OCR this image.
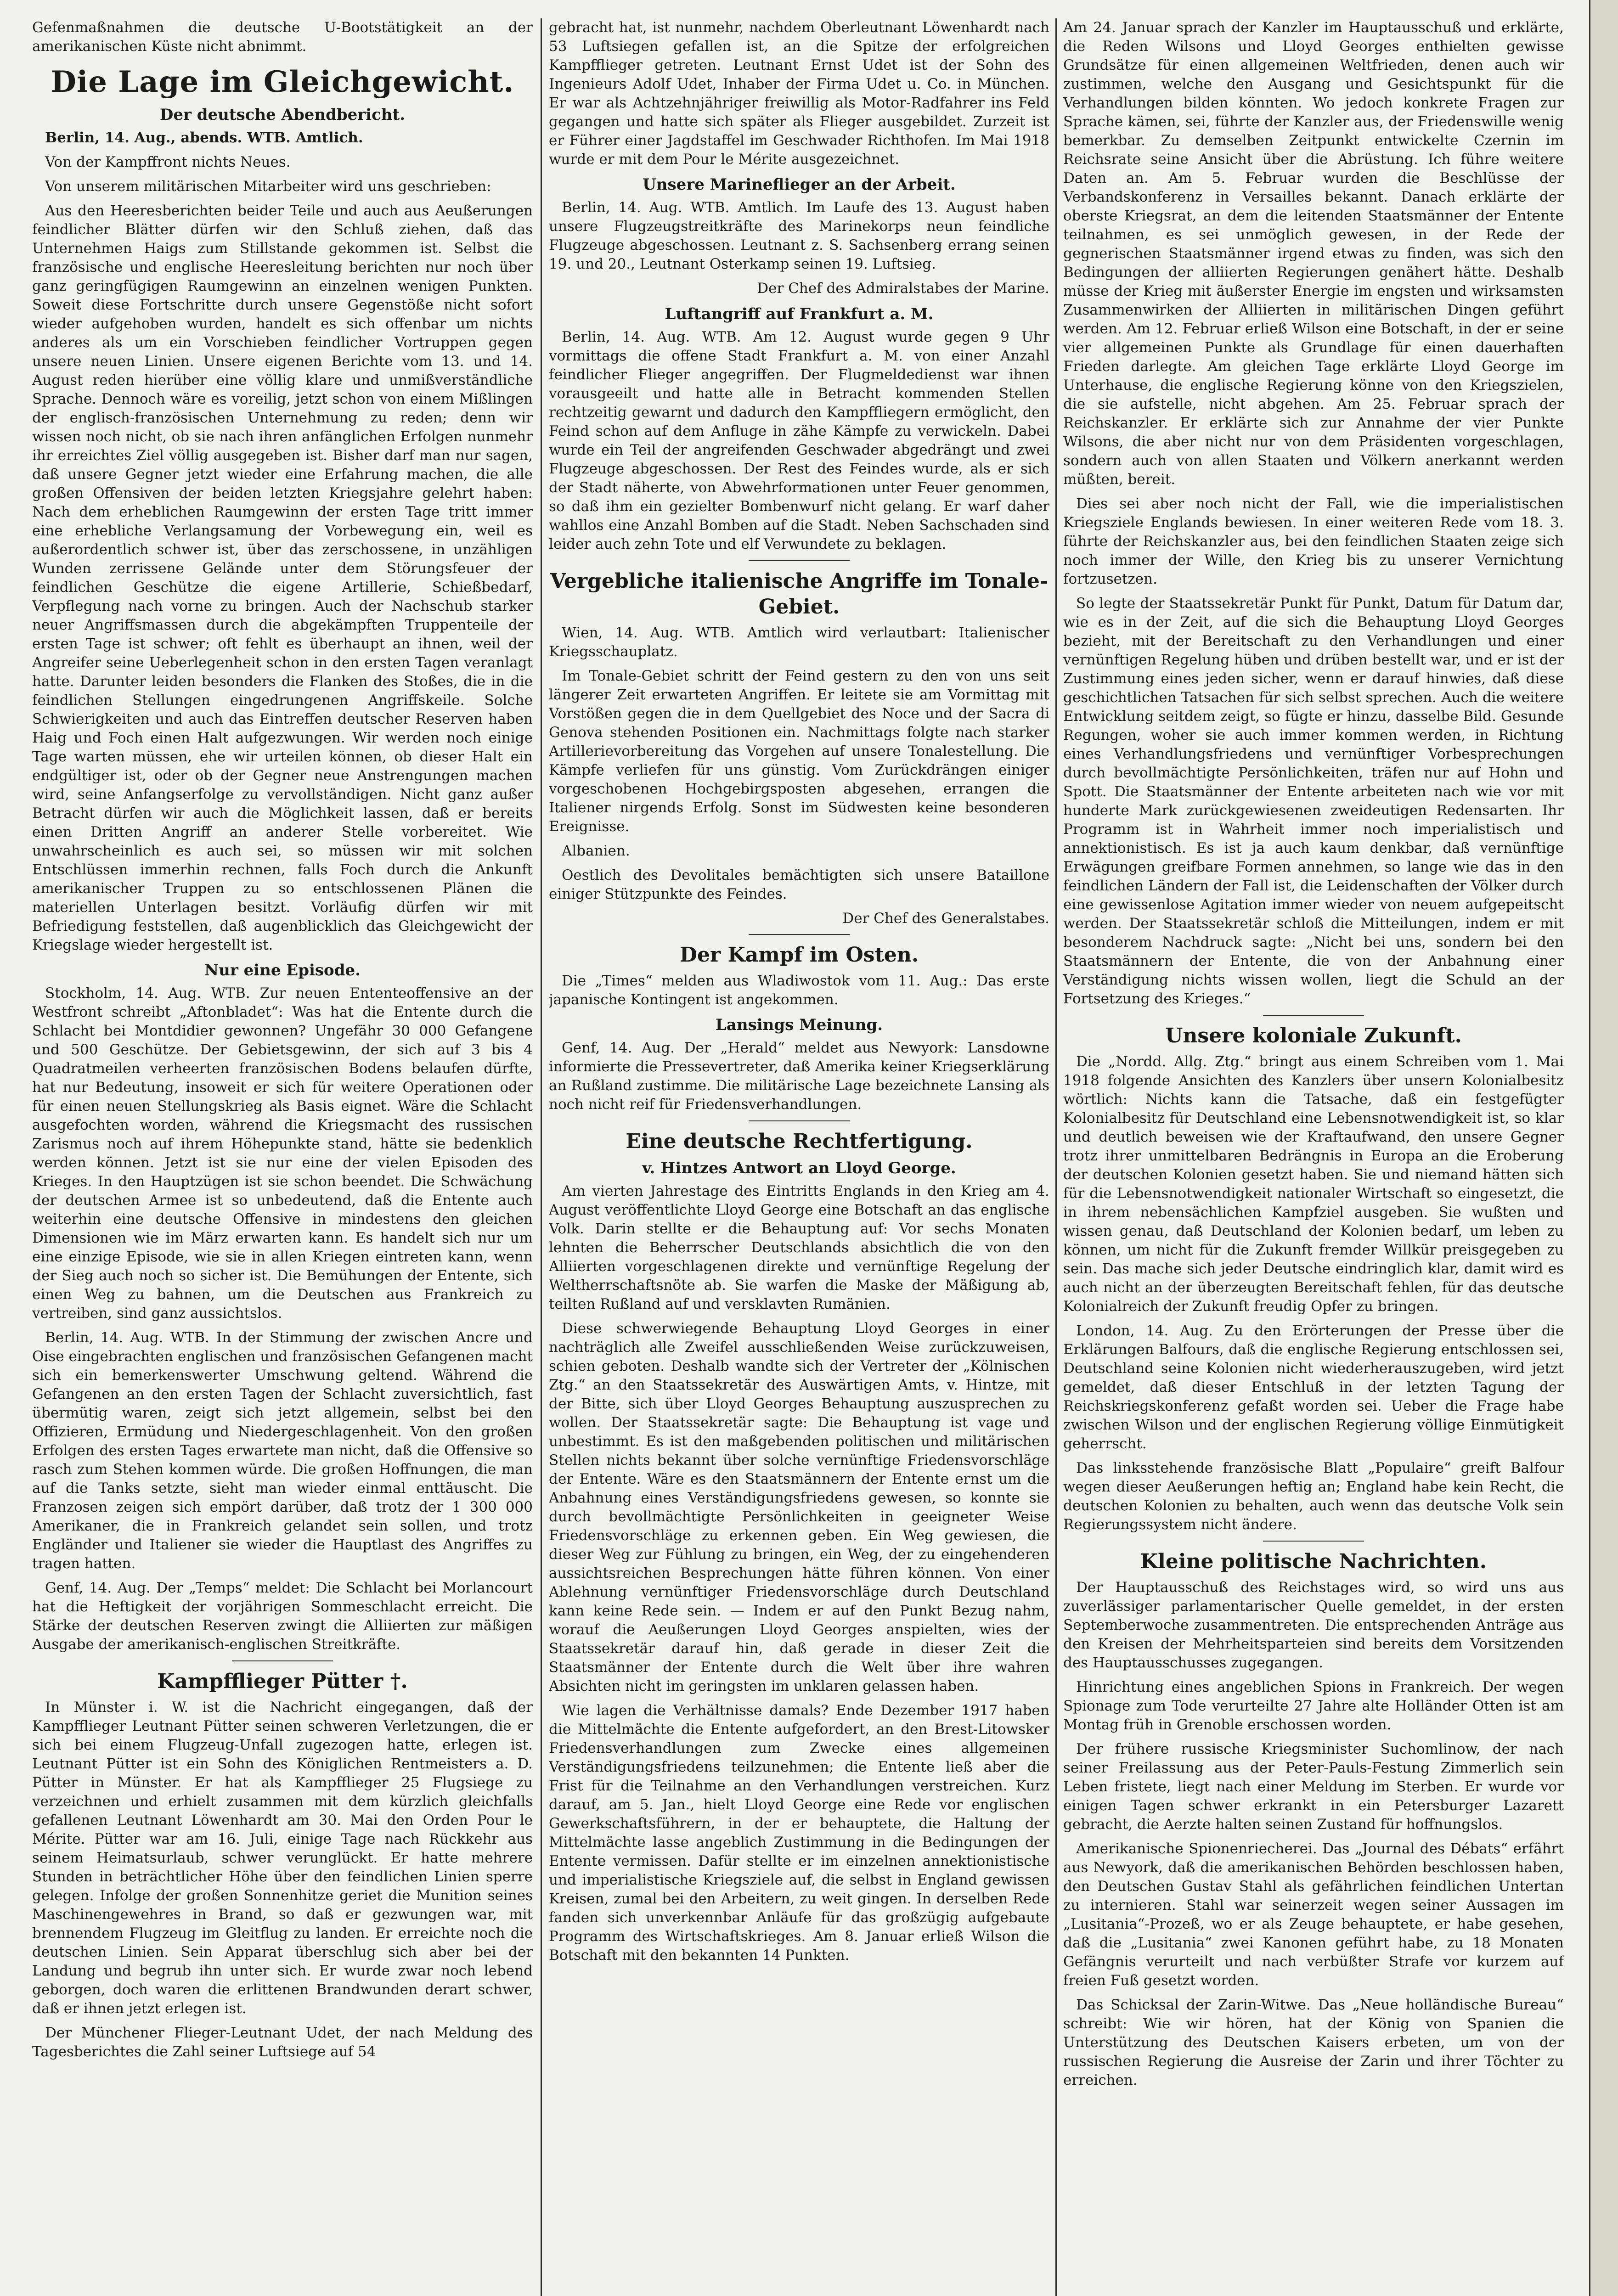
Gefenmaßnahmen die deutsche U-Bootstätigkeit an der amerikanischen Küste nicht abnimmt.

Die Lage im Gleichgewicht.
Der deutsche Abendbericht.

Berlin, 14. Aug., abends. WTB. Amtlich.

Von der Kampffront nichts Neues.

Von unserem militärischen Mitarbeiter wird uns geschrieben:

Aus den Heeresberichten beider Teile und auch aus Aeußerungen feindlicher Blätter dürfen wir den Schluß ziehen, daß das Unternehmen Haigs zum Stillstande gekommen ist. Selbst die französische und englische Heeresleitung berichten nur noch über ganz geringfügigen Raumgewinn an einzelnen wenigen Punkten. Soweit diese Fortschritte durch unsere Gegenstöße nicht sofort wieder aufgehoben wurden, handelt es sich offenbar um nichts anderes als um ein Vorschieben feindlicher Vortruppen gegen unsere neuen Linien. Unsere eigenen Berichte vom 13. und 14. August reden hierüber eine völlig klare und unmißverständliche Sprache. Dennoch wäre es voreilig, jetzt schon von einem Mißlingen der englisch-französischen Unternehmung zu reden; denn wir wissen noch nicht, ob sie nach ihren anfänglichen Erfolgen nunmehr ihr erreichtes Ziel völlig ausgegeben ist. Bisher darf man nur sagen, daß unsere Gegner jetzt wieder eine Erfahrung machen, die alle großen Offensiven der beiden letzten Kriegsjahre gelehrt haben: Nach dem erheblichen Raumgewinn der ersten Tage tritt immer eine erhebliche Verlangsamung der Vorbewegung ein, weil es außerordentlich schwer ist, über das zerschossene, in unzähligen Wunden zerrissene Gelände unter dem Störungsfeuer der feindlichen Geschütze die eigene Artillerie, Schießbedarf, Verpflegung nach vorne zu bringen. Auch der Nachschub starker neuer Angriffsmassen durch die abgekämpften Truppenteile der ersten Tage ist schwer; oft fehlt es überhaupt an ihnen, weil der Angreifer seine Ueberlegenheit schon in den ersten Tagen veranlagt hatte. Darunter leiden besonders die Flanken des Stoßes, die in die feindlichen Stellungen eingedrungenen Angriffskeile. Solche Schwierigkeiten und auch das Eintreffen deutscher Reserven haben Haig und Foch einen Halt aufgezwungen. Wir werden noch einige Tage warten müssen, ehe wir urteilen können, ob dieser Halt ein endgültiger ist, oder ob der Gegner neue Anstrengungen machen wird, seine Anfangserfolge zu vervollständigen. Nicht ganz außer Betracht dürfen wir auch die Möglichkeit lassen, daß er bereits einen Dritten Angriff an anderer Stelle vorbereitet. Wie unwahrscheinlich es auch sei, so müssen wir mit solchen Entschlüssen immerhin rechnen, falls Foch durch die Ankunft amerikanischer Truppen zu so entschlossenen Plänen die materiellen Unterlagen besitzt. Vorläufig dürfen wir mit Befriedigung feststellen, daß augenblicklich das Gleichgewicht der Kriegslage wieder hergestellt ist.

Nur eine Episode.

Stockholm, 14. Aug. WTB. Zur neuen Ententeoffensive an der Westfront schreibt „Aftonbladet“: Was hat die Entente durch die Schlacht bei Montdidier gewonnen? Ungefähr 30 000 Gefangene und 500 Geschütze. Der Gebietsgewinn, der sich auf 3 bis 4 Quadratmeilen verheerten französischen Bodens belaufen dürfte, hat nur Bedeutung, insoweit er sich für weitere Operationen oder für einen neuen Stellungskrieg als Basis eignet. Wäre die Schlacht ausgefochten worden, während die Kriegsmacht des russischen Zarismus noch auf ihrem Höhepunkte stand, hätte sie bedenklich werden können. Jetzt ist sie nur eine der vielen Episoden des Krieges. In den Hauptzügen ist sie schon beendet. Die Schwächung der deutschen Armee ist so unbedeutend, daß die Entente auch weiterhin eine deutsche Offensive in mindestens den gleichen Dimensionen wie im März erwarten kann. Es handelt sich nur um eine einzige Episode, wie sie in allen Kriegen eintreten kann, wenn der Sieg auch noch so sicher ist. Die Bemühungen der Entente, sich einen Weg zu bahnen, um die Deutschen aus Frankreich zu vertreiben, sind ganz aussichtslos.

Berlin, 14. Aug. WTB. In der Stimmung der zwischen Ancre und Oise eingebrachten englischen und französischen Gefangenen macht sich ein bemerkenswerter Umschwung geltend. Während die Gefangenen an den ersten Tagen der Schlacht zuversichtlich, fast übermütig waren, zeigt sich jetzt allgemein, selbst bei den Offizieren, Ermüdung und Niedergeschlagenheit. Von den großen Erfolgen des ersten Tages erwartete man nicht, daß die Offensive so rasch zum Stehen kommen würde. Die großen Hoffnungen, die man auf die Tanks setzte, sieht man wieder einmal enttäuscht. Die Franzosen zeigen sich empört darüber, daß trotz der 1 300 000 Amerikaner, die in Frankreich gelandet sein sollen, und trotz Engländer und Italiener sie wieder die Hauptlast des Angriffes zu tragen hatten.

Genf, 14. Aug. Der „Temps“ meldet: Die Schlacht bei Morlancourt hat die Heftigkeit der vorjährigen Sommeschlacht erreicht. Die Stärke der deutschen Reserven zwingt die Alliierten zur mäßigen Ausgabe der amerikanisch-englischen Streitkräfte.

Kampfflieger Pütter †.

In Münster i. W. ist die Nachricht eingegangen, daß der Kampfflieger Leutnant Pütter seinen schweren Verletzungen, die er sich bei einem Flugzeug-Unfall zugezogen hatte, erlegen ist. Leutnant Pütter ist ein Sohn des Königlichen Rentmeisters a. D. Pütter in Münster. Er hat als Kampfflieger 25 Flugsiege zu verzeichnen und erhielt zusammen mit dem kürzlich gleichfalls gefallenen Leutnant Löwenhardt am 30. Mai den Orden Pour le Mérite. Pütter war am 16. Juli, einige Tage nach Rückkehr aus seinem Heimatsurlaub, schwer verunglückt. Er hatte mehrere Stunden in beträchtlicher Höhe über den feindlichen Linien sperre gelegen. Infolge der großen Sonnenhitze geriet die Munition seines Maschinengewehres in Brand, so daß er gezwungen war, mit brennendem Flugzeug im Gleitflug zu landen. Er erreichte noch die deutschen Linien. Sein Apparat überschlug sich aber bei der Landung und begrub ihn unter sich. Er wurde zwar noch lebend geborgen, doch waren die erlittenen Brandwunden derart schwer, daß er ihnen jetzt erlegen ist.

Der Münchener Flieger-Leutnant Udet, der nach Meldung des Tagesberichtes die Zahl seiner Luftsiege auf 54

gebracht hat, ist nunmehr, nachdem Oberleutnant Löwenhardt nach 53 Luftsiegen gefallen ist, an die Spitze der erfolgreichen Kampfflieger getreten. Leutnant Ernst Udet ist der Sohn des Ingenieurs Adolf Udet, Inhaber der Firma Udet u. Co. in München. Er war als Achtzehnjähriger freiwillig als Motor-Radfahrer ins Feld gegangen und hatte sich später als Flieger ausgebildet. Zurzeit ist er Führer einer Jagdstaffel im Geschwader Richthofen. Im Mai 1918 wurde er mit dem Pour le Mérite ausgezeichnet.

Unsere Marineflieger an der Arbeit.

Berlin, 14. Aug. WTB. Amtlich. Im Laufe des 13. August haben unsere Flugzeugstreitkräfte des Marinekorps neun feindliche Flugzeuge abgeschossen. Leutnant z. S. Sachsenberg errang seinen 19. und 20., Leutnant Osterkamp seinen 19. Luftsieg.

Der Chef des Admiralstabes der Marine.
Luftangriff auf Frankfurt a. M.

Berlin, 14. Aug. WTB. Am 12. August wurde gegen 9 Uhr vormittags die offene Stadt Frankfurt a. M. von einer Anzahl feindlicher Flieger angegriffen. Der Flugmeldedienst war ihnen vorausgeeilt und hatte alle in Betracht kommenden Stellen rechtzeitig gewarnt und dadurch den Kampffliegern ermöglicht, den Feind schon auf dem Anfluge in zähe Kämpfe zu verwickeln. Dabei wurde ein Teil der angreifenden Geschwader abgedrängt und zwei Flugzeuge abgeschossen. Der Rest des Feindes wurde, als er sich der Stadt näherte, von Abwehrformationen unter Feuer genommen, so daß ihm ein gezielter Bombenwurf nicht gelang. Er warf daher wahllos eine Anzahl Bomben auf die Stadt. Neben Sachschaden sind leider auch zehn Tote und elf Verwundete zu beklagen.

Vergebliche italienische Angriffe im Tonale-Gebiet.

Wien, 14. Aug. WTB. Amtlich wird verlautbart: Italienischer Kriegsschauplatz.

Im Tonale-Gebiet schritt der Feind gestern zu den von uns seit längerer Zeit erwarteten Angriffen. Er leitete sie am Vormittag mit Vorstößen gegen die in dem Quellgebiet des Noce und der Sacra di Genova stehenden Positionen ein. Nachmittags folgte nach starker Artillerievorbereitung das Vorgehen auf unsere Tonalestellung. Die Kämpfe verliefen für uns günstig. Vom Zurückdrängen einiger vorgeschobenen Hochgebirgsposten abgesehen, errangen die Italiener nirgends Erfolg. Sonst im Südwesten keine besonderen Ereignisse.

Albanien.

Oestlich des Devolitales bemächtigten sich unsere Bataillone einiger Stützpunkte des Feindes.

Der Chef des Generalstabes.
Der Kampf im Osten.

Die „Times“ melden aus Wladiwostok vom 11. Aug.: Das erste japanische Kontingent ist angekommen.

Lansings Meinung.

Genf, 14. Aug. Der „Herald“ meldet aus Newyork: Lansdowne informierte die Pressevertreter, daß Amerika keiner Kriegserklärung an Rußland zustimme. Die militärische Lage bezeichnete Lansing als noch nicht reif für Friedensverhandlungen.

Eine deutsche Rechtfertigung.
v. Hintzes Antwort an Lloyd George.

Am vierten Jahrestage des Eintritts Englands in den Krieg am 4. August veröffentlichte Lloyd George eine Botschaft an das englische Volk. Darin stellte er die Behauptung auf: Vor sechs Monaten lehnten die Beherrscher Deutschlands absichtlich die von den Alliierten vorgeschlagenen direkte und vernünftige Regelung der Weltherrschaftsnöte ab. Sie warfen die Maske der Mäßigung ab, teilten Rußland auf und versklavten Rumänien.

Diese schwerwiegende Behauptung Lloyd Georges in einer nachträglich alle Zweifel ausschließenden Weise zurückzuweisen, schien geboten. Deshalb wandte sich der Vertreter der „Kölnischen Ztg.“ an den Staatssekretär des Auswärtigen Amts, v. Hintze, mit der Bitte, sich über Lloyd Georges Behauptung auszusprechen zu wollen. Der Staatssekretär sagte: Die Behauptung ist vage und unbestimmt. Es ist den maßgebenden politischen und militärischen Stellen nichts bekannt über solche vernünftige Friedensvorschläge der Entente. Wäre es den Staatsmännern der Entente ernst um die Anbahnung eines Verständigungsfriedens gewesen, so konnte sie durch bevollmächtigte Persönlichkeiten in geeigneter Weise Friedensvorschläge zu erkennen geben. Ein Weg gewiesen, die dieser Weg zur Fühlung zu bringen, ein Weg, der zu eingehenderen aussichtsreichen Besprechungen hätte führen können. Von einer Ablehnung vernünftiger Friedensvorschläge durch Deutschland kann keine Rede sein. — Indem er auf den Punkt Bezug nahm, worauf die Aeußerungen Lloyd Georges anspielten, wies der Staatssekretär darauf hin, daß gerade in dieser Zeit die Staatsmänner der Entente durch die Welt über ihre wahren Absichten nicht im geringsten im unklaren gelassen haben.

Wie lagen die Verhältnisse damals? Ende Dezember 1917 haben die Mittelmächte die Entente aufgefordert, an den Brest-Litowsker Friedensverhandlungen zum Zwecke eines allgemeinen Verständigungsfriedens teilzunehmen; die Entente ließ aber die Frist für die Teilnahme an den Verhandlungen verstreichen. Kurz darauf, am 5. Jan., hielt Lloyd George eine Rede vor englischen Gewerkschaftsführern, in der er behauptete, die Haltung der Mittelmächte lasse angeblich Zustimmung in die Bedingungen der Entente vermissen. Dafür stellte er im einzelnen annektionistische und imperialistische Kriegsziele auf, die selbst in England gewissen Kreisen, zumal bei den Arbeitern, zu weit gingen. In derselben Rede fanden sich unverkennbar Anläufe für das großzügig aufgebaute Programm des Wirtschaftskrieges. Am 8. Januar erließ Wilson die Botschaft mit den bekannten 14 Punkten.

Am 24. Januar sprach der Kanzler im Hauptausschuß und erklärte, die Reden Wilsons und Lloyd Georges enthielten gewisse Grundsätze für einen allgemeinen Weltfrieden, denen auch wir zustimmen, welche den Ausgang und Gesichtspunkt für die Verhandlungen bilden könnten. Wo jedoch konkrete Fragen zur Sprache kämen, sei, führte der Kanzler aus, der Friedenswille wenig bemerkbar. Zu demselben Zeitpunkt entwickelte Czernin im Reichsrate seine Ansicht über die Abrüstung. Ich führe weitere Daten an. Am 5. Februar wurden die Beschlüsse der Verbandskonferenz in Versailles bekannt. Danach erklärte der oberste Kriegsrat, an dem die leitenden Staatsmänner der Entente teilnahmen, es sei unmöglich gewesen, in der Rede der gegnerischen Staatsmänner irgend etwas zu finden, was sich den Bedingungen der alliierten Regierungen genähert hätte. Deshalb müsse der Krieg mit äußerster Energie im engsten und wirksamsten Zusammenwirken der Alliierten in militärischen Dingen geführt werden. Am 12. Februar erließ Wilson eine Botschaft, in der er seine vier allgemeinen Punkte als Grundlage für einen dauerhaften Frieden darlegte. Am gleichen Tage erklärte Lloyd George im Unterhause, die englische Regierung könne von den Kriegszielen, die sie aufstelle, nicht abgehen. Am 25. Februar sprach der Reichskanzler. Er erklärte sich zur Annahme der vier Punkte Wilsons, die aber nicht nur von dem Präsidenten vorgeschlagen, sondern auch von allen Staaten und Völkern anerkannt werden müßten, bereit.

Dies sei aber noch nicht der Fall, wie die imperialistischen Kriegsziele Englands bewiesen. In einer weiteren Rede vom 18. 3. führte der Reichskanzler aus, bei den feindlichen Staaten zeige sich noch immer der Wille, den Krieg bis zu unserer Vernichtung fortzusetzen.

So legte der Staatssekretär Punkt für Punkt, Datum für Datum dar, wie es in der Zeit, auf die sich die Behauptung Lloyd Georges bezieht, mit der Bereitschaft zu den Verhandlungen und einer vernünftigen Regelung hüben und drüben bestellt war, und er ist der Zustimmung eines jeden sicher, wenn er darauf hinwies, daß diese geschichtlichen Tatsachen für sich selbst sprechen. Auch die weitere Entwicklung seitdem zeigt, so fügte er hinzu, dasselbe Bild. Gesunde Regungen, woher sie auch immer kommen werden, in Richtung eines Verhandlungsfriedens und vernünftiger Vorbesprechungen durch bevollmächtigte Persönlichkeiten, träfen nur auf Hohn und Spott. Die Staatsmänner der Entente arbeiteten nach wie vor mit hunderte Mark zurückgewiesenen zweideutigen Redensarten. Ihr Programm ist in Wahrheit immer noch imperialistisch und annektionistisch. Es ist ja auch kaum denkbar, daß vernünftige Erwägungen greifbare Formen annehmen, so lange wie das in den feindlichen Ländern der Fall ist, die Leidenschaften der Völker durch eine gewissenlose Agitation immer wieder von neuem aufgepeitscht werden. Der Staatssekretär schloß die Mitteilungen, indem er mit besonderem Nachdruck sagte: „Nicht bei uns, sondern bei den Staatsmännern der Entente, die von der Anbahnung einer Verständigung nichts wissen wollen, liegt die Schuld an der Fortsetzung des Krieges.“

Unsere koloniale Zukunft.

Die „Nordd. Allg. Ztg.“ bringt aus einem Schreiben vom 1. Mai 1918 folgende Ansichten des Kanzlers über unsern Kolonialbesitz wörtlich: Nichts kann die Tatsache, daß ein festgefügter Kolonialbesitz für Deutschland eine Lebensnotwendigkeit ist, so klar und deutlich beweisen wie der Kraftaufwand, den unsere Gegner trotz ihrer unmittelbaren Bedrängnis in Europa an die Eroberung der deutschen Kolonien gesetzt haben. Sie und niemand hätten sich für die Lebensnotwendigkeit nationaler Wirtschaft so eingesetzt, die in ihrem nebensächlichen Kampfziel ausgeben. Sie wußten und wissen genau, daß Deutschland der Kolonien bedarf, um leben zu können, um nicht für die Zukunft fremder Willkür preisgegeben zu sein. Das mache sich jeder Deutsche eindringlich klar, damit wird es auch nicht an der überzeugten Bereitschaft fehlen, für das deutsche Kolonialreich der Zukunft freudig Opfer zu bringen.

London, 14. Aug. Zu den Erörterungen der Presse über die Erklärungen Balfours, daß die englische Regierung entschlossen sei, Deutschland seine Kolonien nicht wiederherauszugeben, wird jetzt gemeldet, daß dieser Entschluß in der letzten Tagung der Reichskriegskonferenz gefaßt worden sei. Ueber die Frage habe zwischen Wilson und der englischen Regierung völlige Einmütigkeit geherrscht.

Das linksstehende französische Blatt „Populaire“ greift Balfour wegen dieser Aeußerungen heftig an; England habe kein Recht, die deutschen Kolonien zu behalten, auch wenn das deutsche Volk sein Regierungssystem nicht ändere.

Kleine politische Nachrichten.

Der Hauptausschuß des Reichstages wird, so wird uns aus zuverlässiger parlamentarischer Quelle gemeldet, in der ersten Septemberwoche zusammentreten. Die entsprechenden Anträge aus den Kreisen der Mehrheitsparteien sind bereits dem Vorsitzenden des Hauptausschusses zugegangen.

Hinrichtung eines angeblichen Spions in Frankreich. Der wegen Spionage zum Tode verurteilte 27 Jahre alte Holländer Otten ist am Montag früh in Grenoble erschossen worden.

Der frühere russische Kriegsminister Suchomlinow, der nach seiner Freilassung aus der Peter-Pauls-Festung Zimmerlich sein Leben fristete, liegt nach einer Meldung im Sterben. Er wurde vor einigen Tagen schwer erkrankt in ein Petersburger Lazarett gebracht, die Aerzte halten seinen Zustand für hoffnungslos.

Amerikanische Spionenriecherei. Das „Journal des Débats“ erfährt aus Newyork, daß die amerikanischen Behörden beschlossen haben, den Deutschen Gustav Stahl als gefährlichen feindlichen Untertan zu internieren. Stahl war seinerzeit wegen seiner Aussagen im „Lusitania“-Prozeß, wo er als Zeuge behauptete, er habe gesehen, daß die „Lusitania“ zwei Kanonen geführt habe, zu 18 Monaten Gefängnis verurteilt und nach verbüßter Strafe vor kurzem auf freien Fuß gesetzt worden.

Das Schicksal der Zarin-Witwe. Das „Neue holländische Bureau“ schreibt: Wie wir hören, hat der König von Spanien die Unterstützung des Deutschen Kaisers erbeten, um von der russischen Regierung die Ausreise der Zarin und ihrer Töchter zu erreichen.
